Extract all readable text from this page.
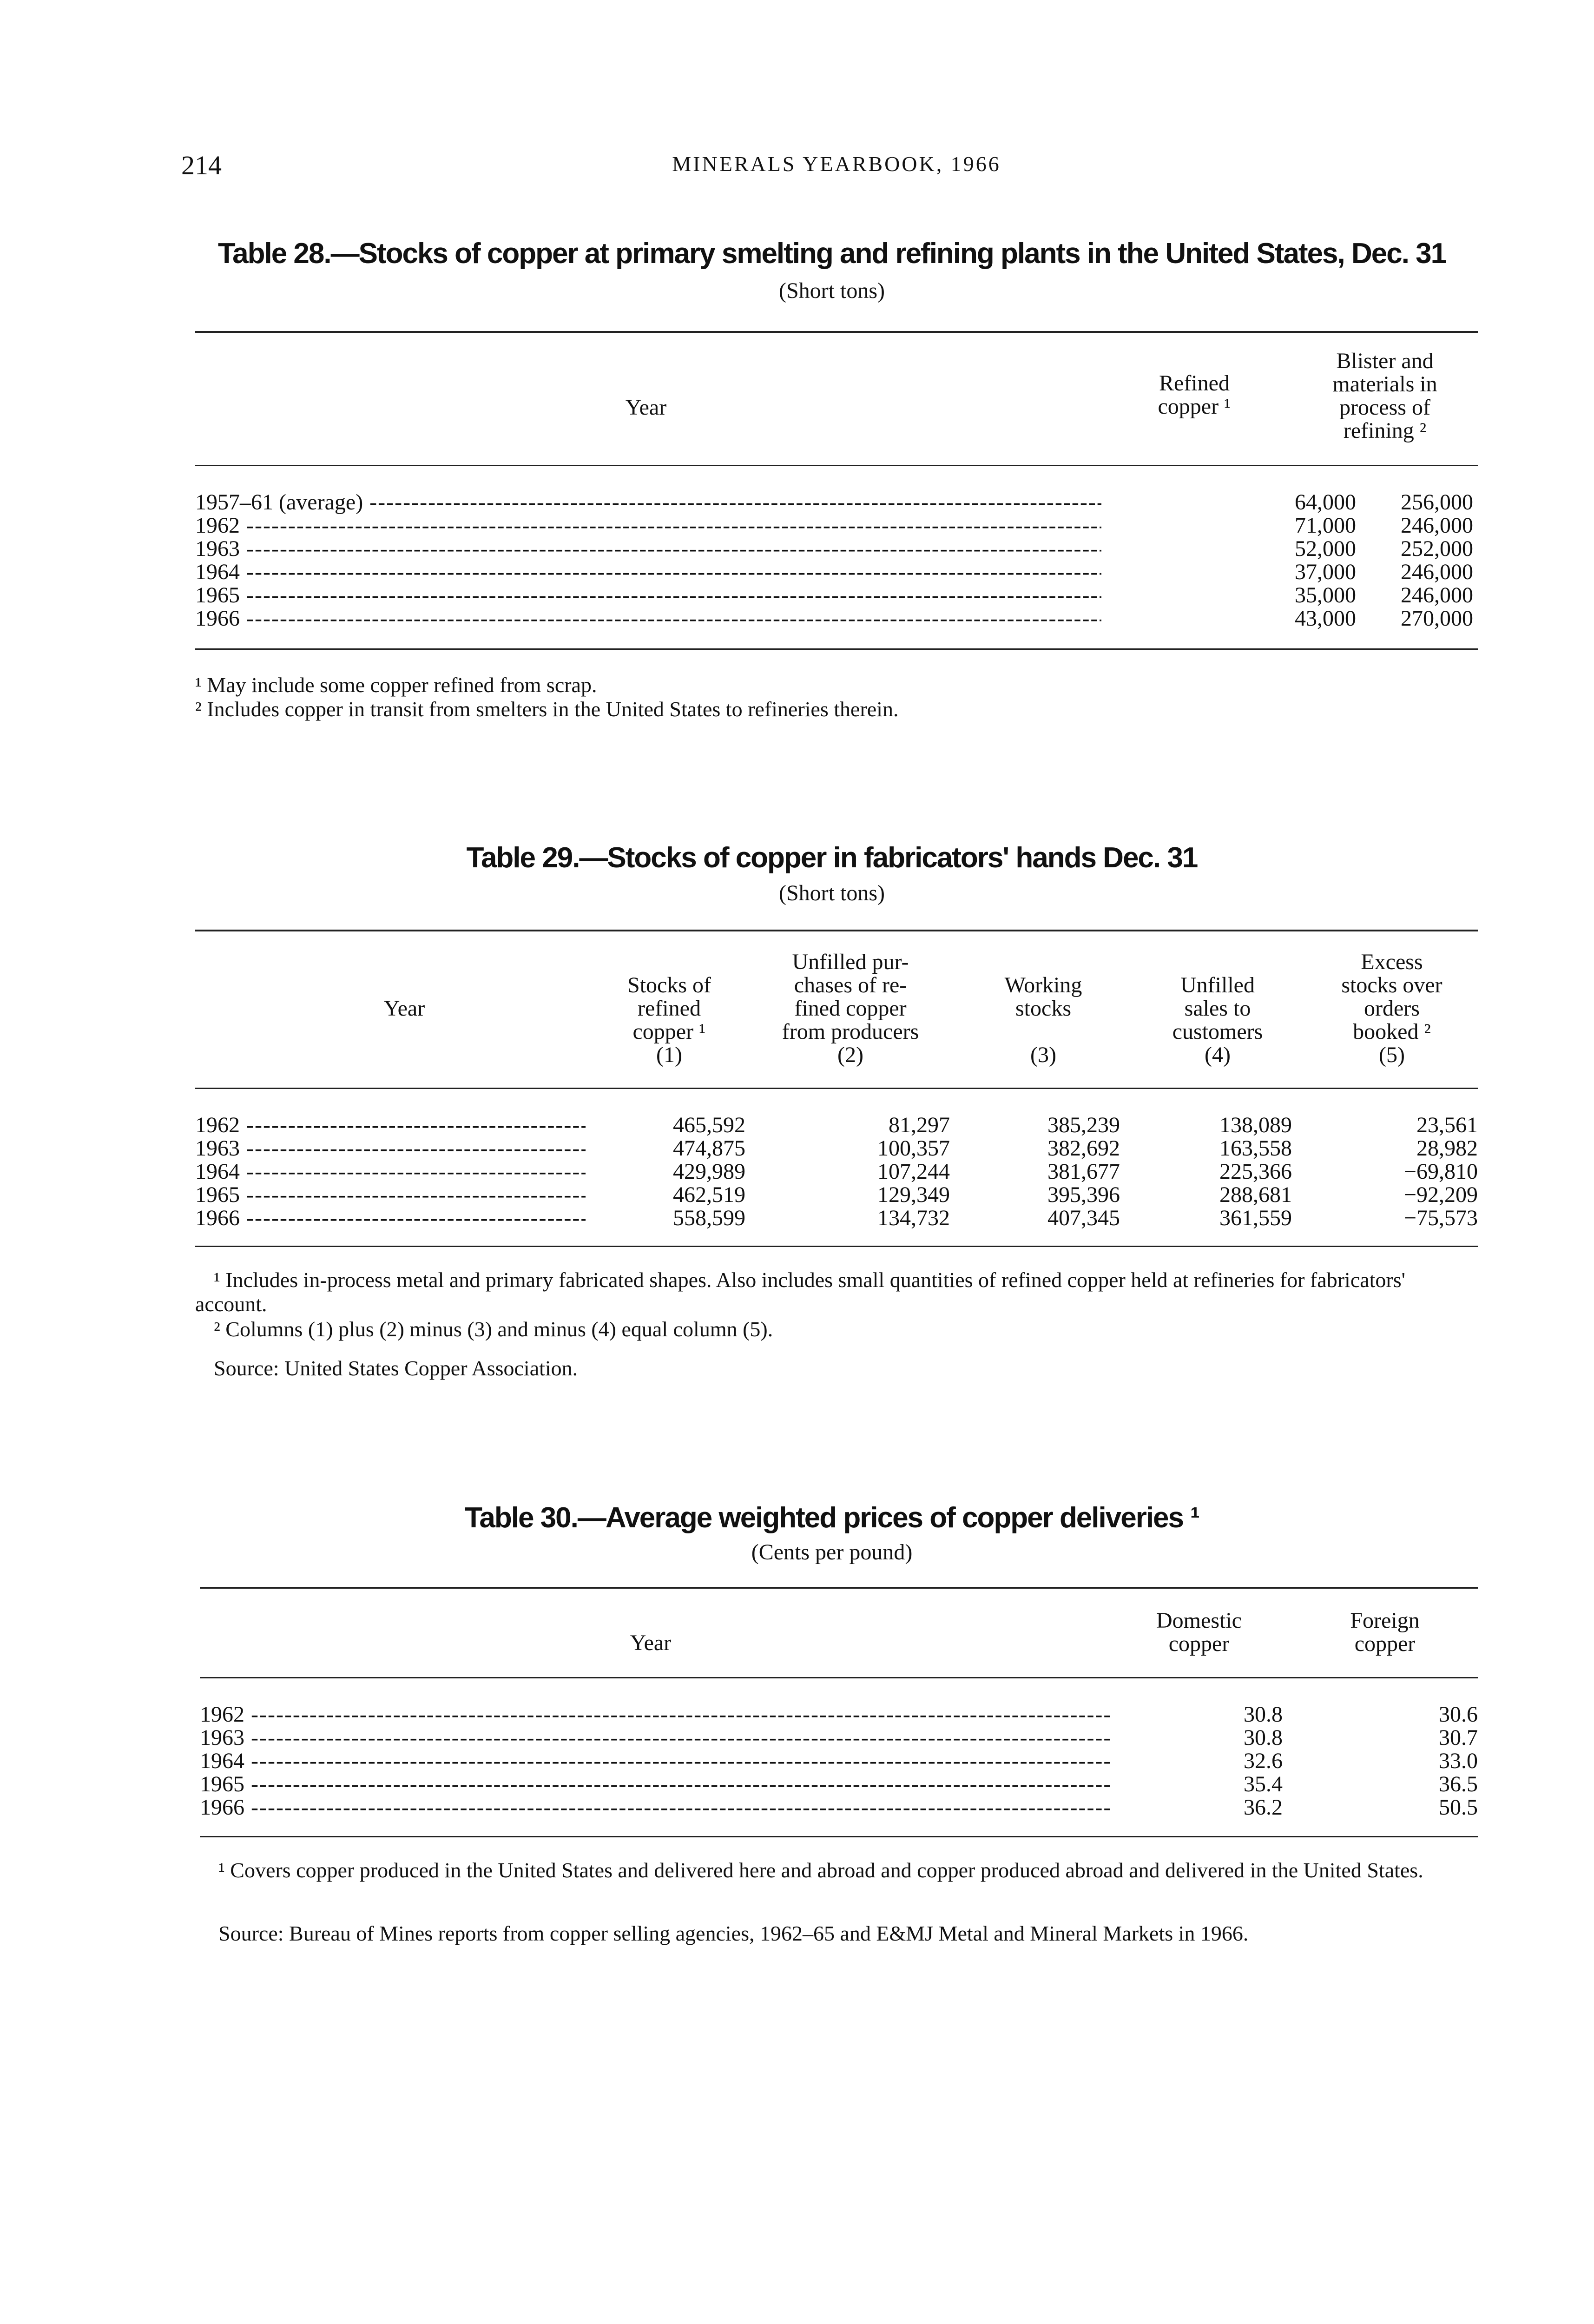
214	MINERALS YEARBOOK, 1966
Table 28.—Stocks of copper at primary smelting and refining plants in the United States, Dec. 31
(Short tons)
Year
Refined
copper ¹
Blister and
materials in
process of
refining ²
1957–61 (average) -----	64,000 256,000
1962 -----	71,000 246,000
1963 -----	52,000 252,000
1964 -----	37,000 246,000
1965 -----	35,000 246,000
1966 -----	43,000 270,000
¹ May include some copper refined from scrap.
² Includes copper in transit from smelters in the United States to refineries therein.
Table 29.—Stocks of copper in fabricators' hands Dec. 31
(Short tons)
Year
Stocks of
refined
copper ¹
(1)
Unfilled pur-
chases of re-
fined copper
from producers
(2)
Working
stocks
(3)
Unfilled
sales to
customers
(4)
Excess
stocks over
orders
booked ²
(5)
1962 -----	465,592	81,297	385,239	138,089	23,561
1963 -----	474,875	100,357	382,692	163,558	28,982
1964 -----	429,989	107,244	381,677	225,366	−69,810
1965 -----	462,519	129,349	395,396	288,681	−92,209
1966 -----	558,599	134,732	407,345	361,559	−75,573
¹ Includes in-process metal and primary fabricated shapes. Also includes small quantities of refined copper held at refineries for fabricators' account.
² Columns (1) plus (2) minus (3) and minus (4) equal column (5).
Source: United States Copper Association.
Table 30.—Average weighted prices of copper deliveries ¹
(Cents per pound)
Year
Domestic
copper
Foreign
copper
1962 -----	30.8	30.6
1963 -----	30.8	30.7
1964 -----	32.6	33.0
1965 -----	35.4	36.5
1966 -----	36.2	50.5
¹ Covers copper produced in the United States and delivered here and abroad and copper produced abroad and delivered in the United States.
Source: Bureau of Mines reports from copper selling agencies, 1962–65 and E&MJ Metal and Mineral Markets in 1966.
